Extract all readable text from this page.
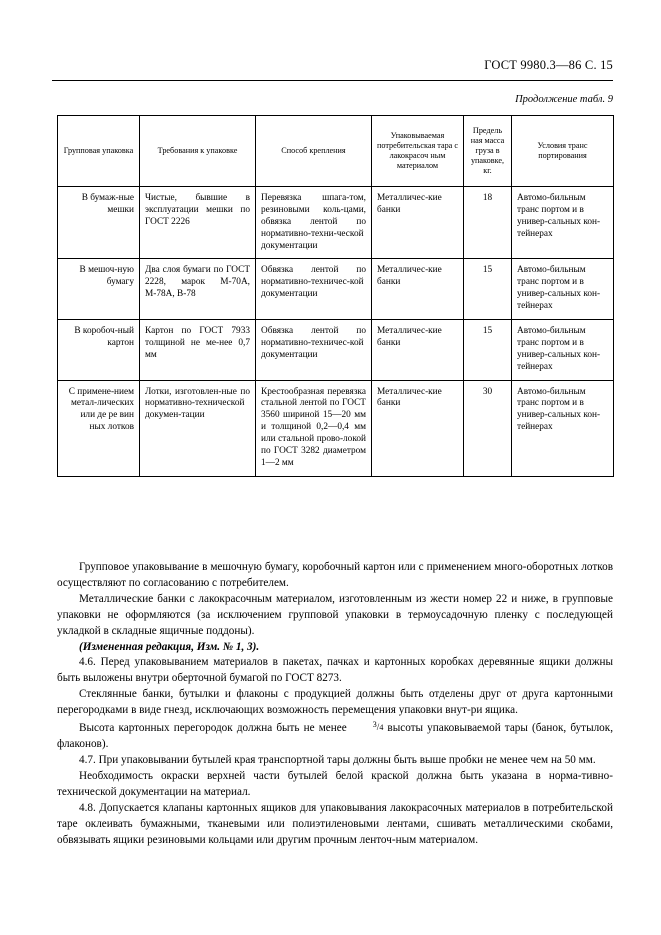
ГОСТ 9980.3—86 С. 15
Продолжение табл. 9
Групповая упаковка	Требования к упаковке	Способ крепления	Упаковываемая потребительская тара с лакокрасоч ным материалом	Предель ная масса груза в упаковке, кг.	Условия транс портирования
В бумаж-ные мешки	Чистые, бывшие в эксплуатации мешки по ГОСТ 2226	Перевязка шпага-том, резиновыми коль-цами, обвязка лентой по нормативно-техни-ческой документации	Металличес-кие банки	18	Автомо-бильным транс портом и в универ-сальных кон-тейнерах
В мешоч-ную бумагу	Два слоя бумаги по ГОСТ 2228, марок М-70А, М-78А, В-78	Обвязка лентой по нормативно-техничес-кой документации	Металличес-кие банки	15	Автомо-бильным транс портом и в универ-сальных кон-тейнерах
В коробоч-ный картон	Картон по ГОСТ 7933 толщиной не ме-нее 0,7 мм	Обвязка лентой по нормативно-техничес-кой документации	Металличес-кие банки	15	Автомо-бильным транс портом и в универ-сальных кон-тейнерах
С примене-нием метал-лических или де ре вин ных лотков	Лотки, изготовлен-ные по нормативно-технической докумен-тации	Крестообразная перевязка стальной лентой по ГОСТ 3560 шириной 15—20 мм и толщиной 0,2—0,4 мм или стальной прово-локой по ГОСТ 3282 диаметром 1—2 мм	Металличес-кие банки	30	Автомо-бильным транс портом и в универ-сальных кон-тейнерах

Групповое упаковывание в мешочную бумагу, коробочный картон или с применением много-оборотных лотков осуществляют по согласованию с потребителем.

Металлические банки с лакокрасочным материалом, изготовленным из жести номер 22 и ниже, в групповые упаковки не оформляются (за исключением групповой упаковки в термоусадочную пленку с последующей укладкой в складные ящичные поддоны).

(Измененная редакция, Изм. № 1, 3).

4.6. Перед упаковыванием материалов в пакетах, пачках и картонных коробках деревянные ящики должны быть выложены внутри оберточной бумагой по ГОСТ 8273.

Стеклянные банки, бутылки и флаконы с продукцией должны быть отделены друг от друга картонными перегородками в виде гнезд, исключающих возможность перемещения упаковки внут-ри ящика.

Высота картонных перегородок должна быть не менее	$^3/_4$ высоты упаковываемой тары (банок, бутылок, флаконов).

4.7. При упаковывании бутылей края транспортной тары должны быть выше пробки не менее чем на 50 мм.

Необходимость окраски верхней части бутылей белой краской должна быть указана в норма-тивно-технической документации на материал.

4.8. Допускается клапаны картонных ящиков для упаковывания лакокрасочных материалов в потребительской таре оклеивать бумажными, тканевыми или полиэтиленовыми лентами, сшивать металлическими скобами, обвязывать ящики резиновыми кольцами или другим прочным ленточ-ным материалом.
